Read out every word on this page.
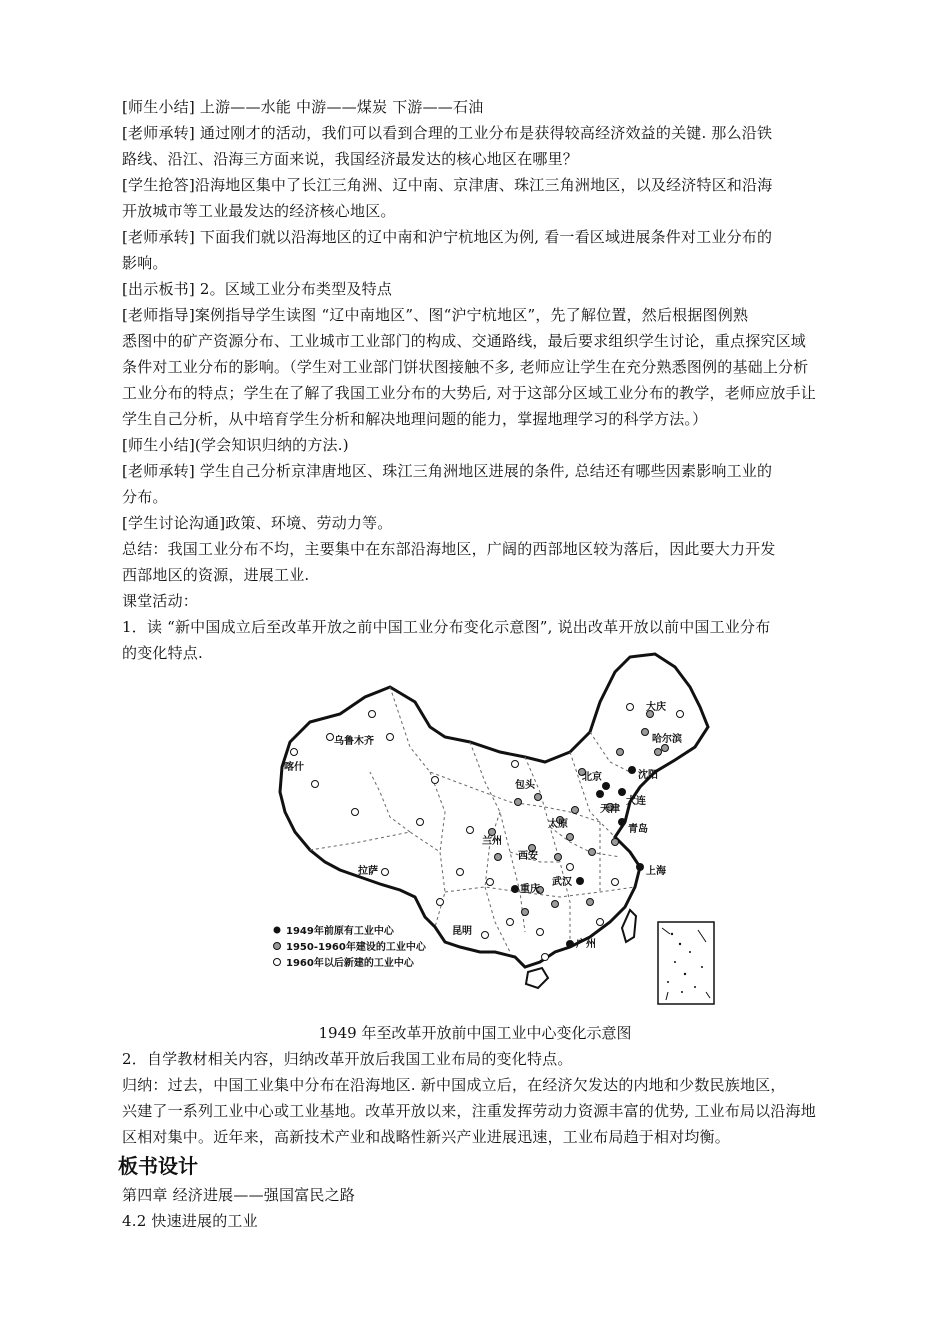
[师生小结] 上游——水能 中游——煤炭 下游——石油
[老师承转] 通过刚才的活动，我们可以看到合理的工业分布是获得较高经济效益的关键. 那么沿铁
路线、沿江、沿海三方面来说，我国经济最发达的核心地区在哪里？
[学生抢答]沿海地区集中了长江三角洲、辽中南、京津唐、珠江三角洲地区，以及经济特区和沿海
开放城市等工业最发达的经济核心地区。
[老师承转] 下面我们就以沿海地区的辽中南和沪宁杭地区为例, 看一看区域进展条件对工业分布的
影响。
[出示板书] 2。区域工业分布类型及特点
[老师指导]案例指导学生读图 “辽中南地区”、图“沪宁杭地区”，先了解位置，然后根据图例熟
悉图中的矿产资源分布、工业城市工业部门的构成、交通路线，最后要求组织学生讨论，重点探究区域
条件对工业分布的影响。（学生对工业部门饼状图接触不多, 老师应让学生在充分熟悉图例的基础上分析
工业分布的特点；学生在了解了我国工业分布的大势后, 对于这部分区域工业分布的教学，老师应放手让
学生自己分析，从中培育学生分析和解决地理问题的能力，掌握地理学习的科学方法。）
[师生小结](学会知识归纳的方法.)
[老师承转] 学生自己分析京津唐地区、珠江三角洲地区进展的条件, 总结还有哪些因素影响工业的
分布。
[学生讨论沟通]政策、环境、劳动力等。
总结：我国工业分布不均，主要集中在东部沿海地区，广阔的西部地区较为落后，因此要大力开发
西部地区的资源，进展工业.
课堂活动：
1．读 “新中国成立后至改革开放之前中国工业分布变化示意图”, 说出改革开放以前中国工业分布
的变化特点.
大庆
哈尔滨
乌鲁木齐
喀什
包头
北京	沈阳
天津
大连
太原	青岛
兰州
西安
上海
拉萨
重庆
武汉
昆明
广州
1949年前原有工业中心
1950-1960年建设的工业中心
1960年以后新建的工业中心
1949 年至改革开放前中国工业中心变化示意图
2．自学教材相关内容，归纳改革开放后我国工业布局的变化特点。
归纳：过去，中国工业集中分布在沿海地区. 新中国成立后，在经济欠发达的内地和少数民族地区，
兴建了一系列工业中心或工业基地。改革开放以来，注重发挥劳动力资源丰富的优势, 工业布局以沿海地
区相对集中。近年来，高新技术产业和战略性新兴产业进展迅速，工业布局趋于相对均衡。
板书设计
第四章 经济进展——强国富民之路
4.2 快速进展的工业
